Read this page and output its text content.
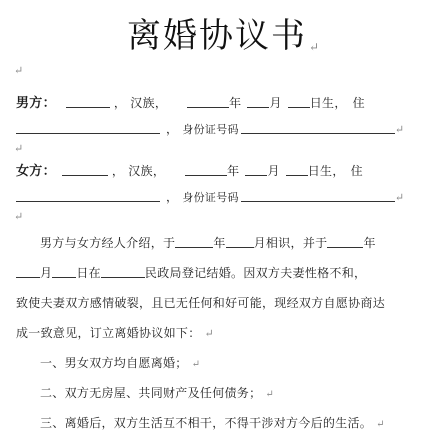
离婚协议书 ↵
↵
男方：	， 汉族，	年 月 日生， 住
， 身份证号码	↵
↵
女方：	， 汉族，	年 月 日生， 住
， 身份证号码	↵
↵
男方与女方经人介绍，于	年 月相识，并于	年
月 日在	民政局登记结婚。因双方夫妻性格不和，
致使夫妻双方感情破裂，且已无任何和好可能，现经双方自愿协商达
成一致意见，订立离婚协议如下： ↵
一、男女双方均自愿离婚； ↵
二、双方无房屋、共同财产及任何债务； ↵
三、离婚后，双方生活互不相干，不得干涉对方今后的生活。 ↵
